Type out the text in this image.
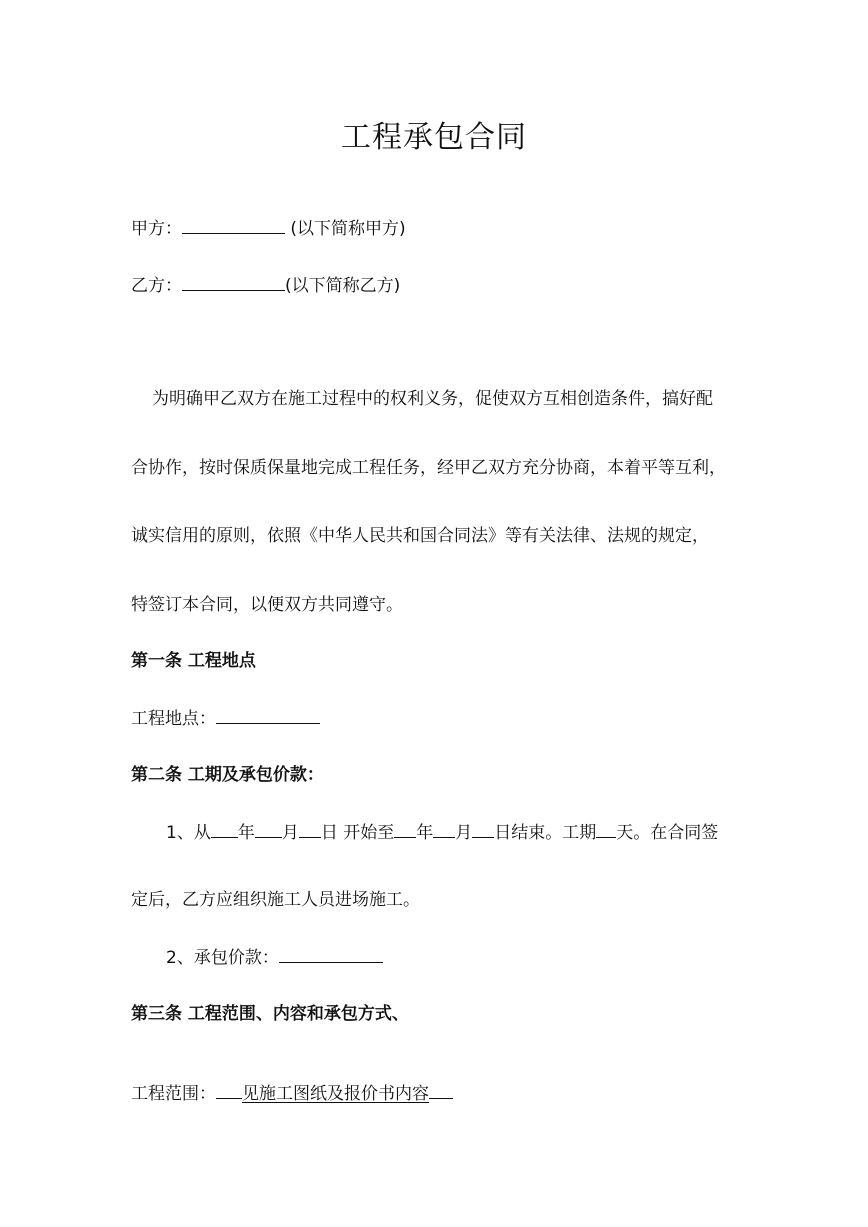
工程承包合同
甲方：	(以下简称甲方)
乙方：	(以下简称乙方)
为明确甲乙双方在施工过程中的权利义务，促使双方互相创造条件，搞好配
合协作，按时保质保量地完成工程任务，经甲乙双方充分协商，本着平等互利，
诚实信用的原则，依照《中华人民共和国合同法》等有关法律、法规的规定，
特签订本合同，以便双方共同遵守。
第一条 工程地点
工程地点：
第二条 工期及承包价款：
1、从 年 月 日 开始至 年 月 日结束。工期 天。在合同签
定后，乙方应组织施工人员进场施工。
2、承包价款：
第三条 工程范围、内容和承包方式、
工程范围： 见施工图纸及报价书内容
